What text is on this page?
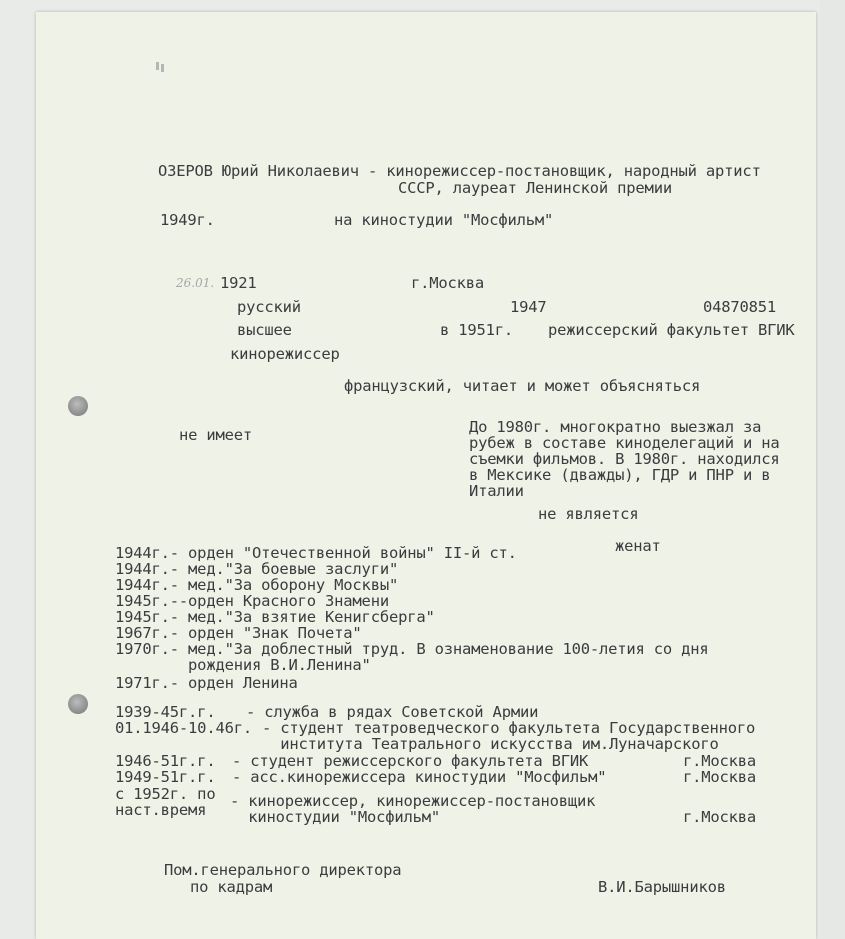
ОЗЕРОВ Юрий Николаевич - кинорежиссер-постановщик, народный артист
СССР, лауреат Ленинской премии
1949г.	на киностудии "Мосфильм"
26.01. 1921	г.Москва
русский	1947	04870851
высшее	в 1951г. режиссерский факультет ВГИК
кинорежиссер
французский, читает и может объясняться
не имеет	До 1980г. многократно выезжал за
рубеж в составе киноделегаций и на
съемки фильмов. В 1980г. находился
в Мексике (дважды), ГДР и ПНР и в
Италии
не является
женат
1944г.- орден "Отечественной войны" II-й ст.
1944г.- мед."За боевые заслуги"
1944г.- мед."За оборону Москвы"
1945г.--орден Красного Знамени
1945г.- мед."За взятие Кенигсберга"
1967г.- орден "Знак Почета"
1970г.- мед."За доблестный труд. В ознаменование 100-летия со дня
рождения В.И.Ленина"
1971г.- орден Ленина
1939-45г.г. - служба в рядах Советской Армии
01.1946-10.46г. - студент театроведческого факультета Государственного
института Театрального искусства им.Луначарского
1946-51г.г. - студент режиссерского факультета ВГИК	г.Москва
1949-51г.г. - асс.кинорежиссера киностудии "Мосфильм"	г.Москва
с 1952г. по
наст.время - кинорежиссер, кинорежиссер-постановщик
киностудии "Мосфильм"	г.Москва
Пом.генерального директора
по кадрам	В.И.Барышников
